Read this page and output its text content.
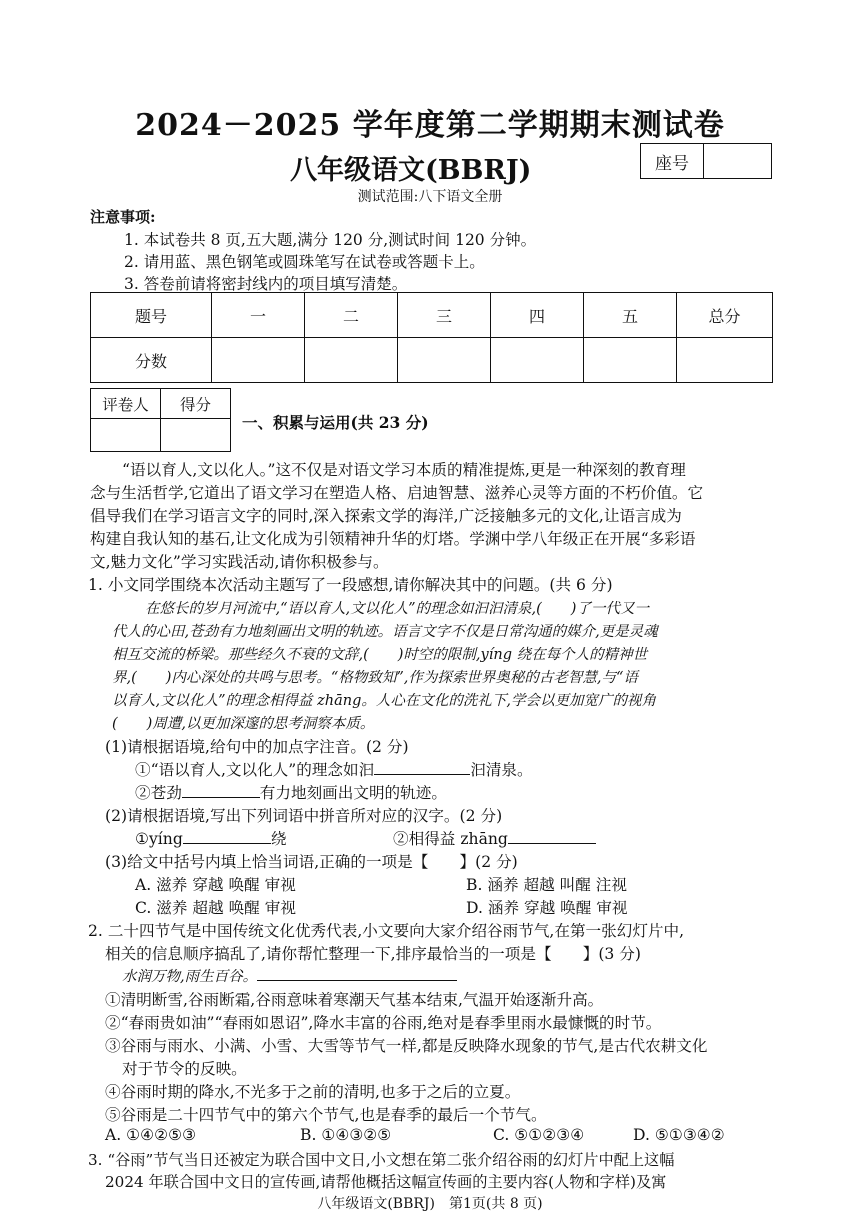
2024－2025 学年度第二学期期末测试卷
八年级语文(BBRJ)	座号
测试范围:八下语文全册
注意事项:
1. 本试卷共 8 页,五大题,满分 120 分,测试时间 120 分钟。
2. 请用蓝、黑色钢笔或圆珠笔写在试卷或答题卡上。
3. 答卷前请将密封线内的项目填写清楚。
题号	一	二	三	四	五	总分
分数						
评卷人	得分

一、积累与运用(共 23 分)
“语以育人,文以化人。”这不仅是对语文学习本质的精准提炼,更是一种深刻的教育理
念与生活哲学,它道出了语文学习在塑造人格、启迪智慧、滋养心灵等方面的不朽价值。它
倡导我们在学习语言文字的同时,深入探索文学的海洋,广泛接触多元的文化,让语言成为
构建自我认知的基石,让文化成为引领精神升华的灯塔。学渊中学八年级正在开展“多彩语
文,魅力文化”学习实践活动,请你积极参与。
1. 小文同学围绕本次活动主题写了一段感想,请你解决其中的问题。(共 6 分)
在悠长的岁月河流中,“语以育人,文以化人”的理念如汩汩清泉,(　　)了一代又一
代人的心田,苍劲有力地刻画出文明的轨迹。语言文字不仅是日常沟通的媒介,更是灵魂
相互交流的桥梁。那些经久不衰的文辞,(　　)时空的限制,yíng 绕在每个人的精神世
界,(　　)内心深处的共鸣与思考。“格物致知”,作为探索世界奥秘的古老智慧,与“语
以育人,文以化人”的理念相得益 zhāng。人心在文化的洗礼下,学会以更加宽广的视角
(　　)周遭,以更加深邃的思考洞察本质。
(1)请根据语境,给句中的加点字注音。(2 分)
①“语以育人,文以化人”的理念如汩	汩清泉。
②苍劲	有力地刻画出文明的轨迹。
(2)请根据语境,写出下列词语中拼音所对应的汉字。(2 分)
①yíng	绕	②相得益 zhāng
(3)给文中括号内填上恰当词语,正确的一项是【　　】(2 分)
A. 滋养 穿越 唤醒 审视	B. 涵养 超越 叫醒 注视
C. 滋养 超越 唤醒 审视	D. 涵养 穿越 唤醒 审视
2. 二十四节气是中国传统文化优秀代表,小文要向大家介绍谷雨节气,在第一张幻灯片中,
相关的信息顺序搞乱了,请你帮忙整理一下,排序最恰当的一项是【　　】(3 分)
水润万物,雨生百谷。
①清明断雪,谷雨断霜,谷雨意味着寒潮天气基本结束,气温开始逐渐升高。
②“春雨贵如油”“春雨如恩诏”,降水丰富的谷雨,绝对是春季里雨水最慷慨的时节。
③谷雨与雨水、小满、小雪、大雪等节气一样,都是反映降水现象的节气,是古代农耕文化
对于节令的反映。
④谷雨时期的降水,不光多于之前的清明,也多于之后的立夏。
⑤谷雨是二十四节气中的第六个节气,也是春季的最后一个节气。
A. ①④②⑤③	B. ①④③②⑤	C. ⑤①②③④	D. ⑤①③④②
3. “谷雨”节气当日还被定为联合国中文日,小文想在第二张介绍谷雨的幻灯片中配上这幅
2024 年联合国中文日的宣传画,请帮他概括这幅宣传画的主要内容(人物和字样)及寓
八年级语文(BBRJ)　第1页(共 8 页)
